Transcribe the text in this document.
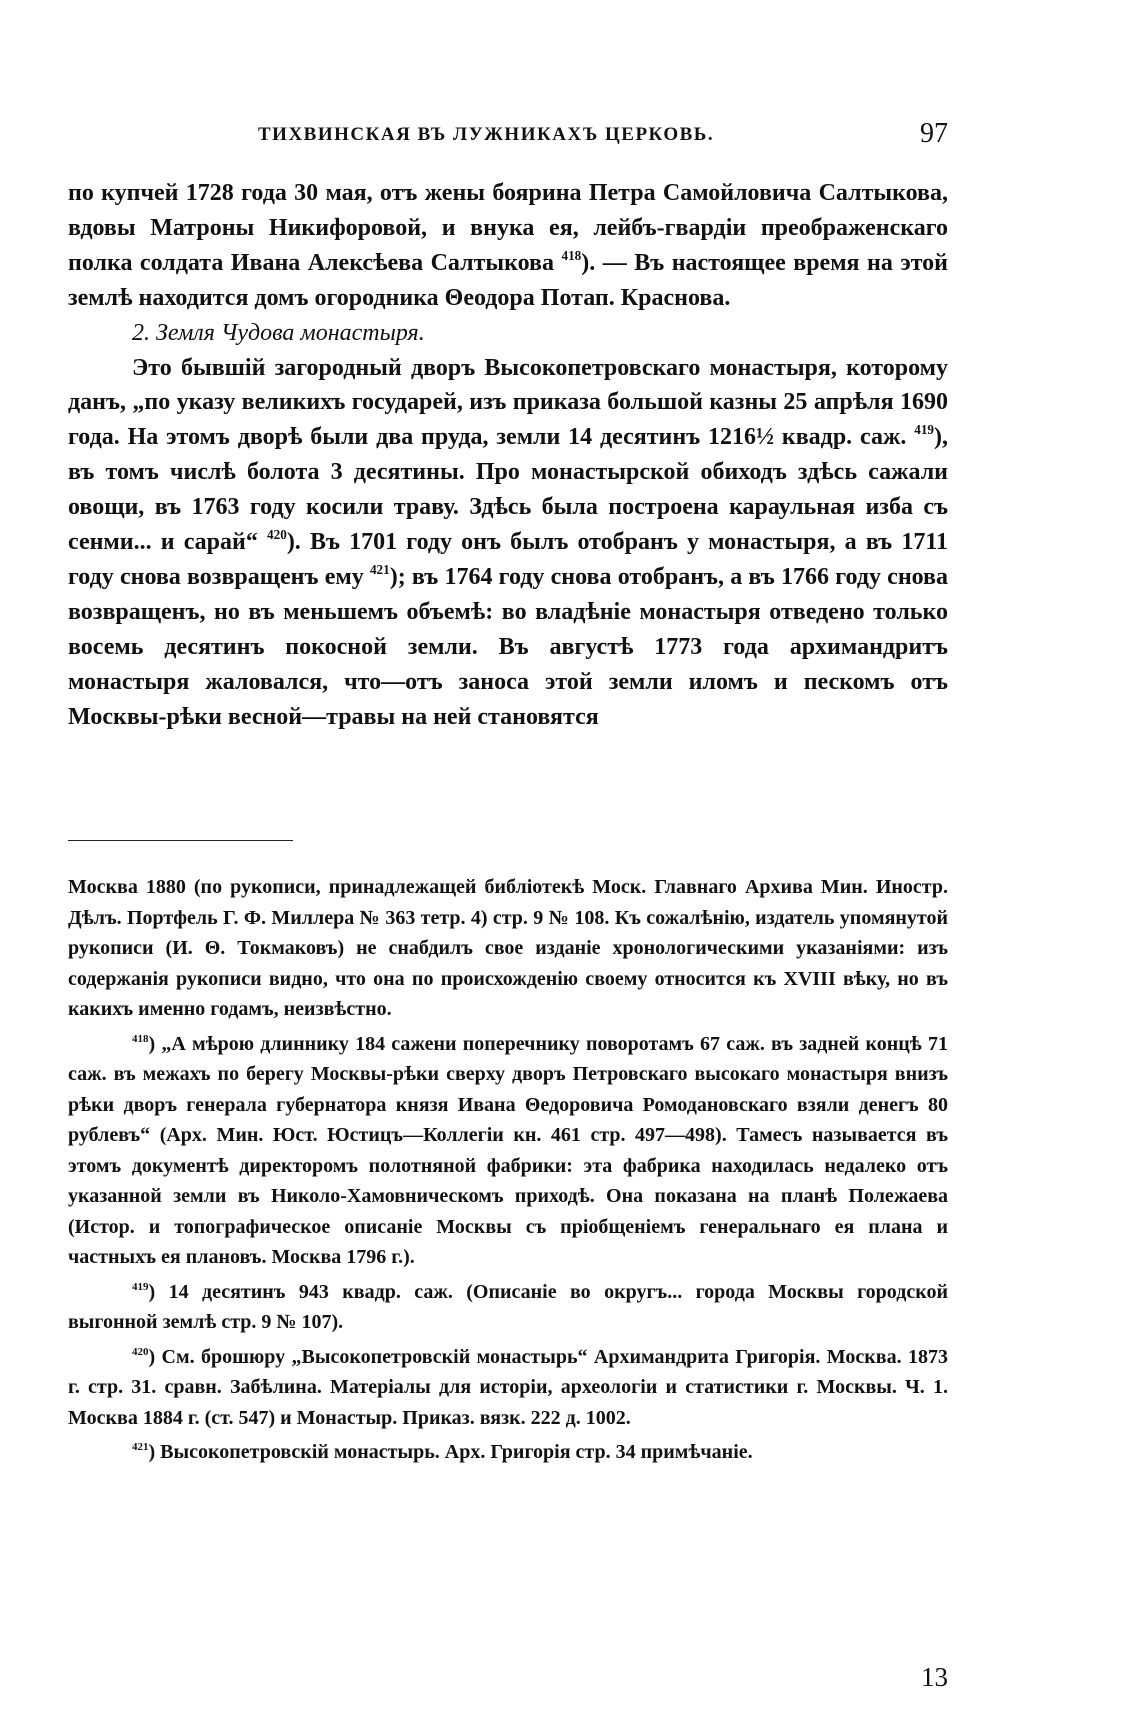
ТИХВИНСКАЯ ВЪ ЛУЖНИКАХЪ ЦЕРКОВЬ.	97

по купчей 1728 года 30 мая, отъ жены боярина Петра Самойловича Салтыкова, вдовы Матроны Никифоровой, и внука ея, лейбъ-гвардiи преображенскаго полка солдата Ивана Алексѣева Салтыкова $^{418}$). — Въ настоящее время на этой землѣ находится домъ огородника Θеодора Потап. Краснова.

2. Земля Чудова монастыря.

Это бывшiй загородный дворъ Высокопетровскаго монастыря, которому данъ, „по указу великихъ государей, изъ приказа большой казны 25 апрѣля 1690 года. На этомъ дворѣ были два пруда, земли 14 десятинъ 1216½ квадр. саж. $^{419}$), въ томъ числѣ болота 3 десятины. Про монастырской обиходъ здѣсь сажали овощи, въ 1763 году косили траву. Здѣсь была построена караульная изба съ сенми... и сарай“ $^{420}$). Въ 1701 году онъ былъ отобранъ у монастыря, а въ 1711 году снова возвращенъ ему $^{421}$); въ 1764 году снова отобранъ, а въ 1766 году снова возвращенъ, но въ меньшемъ объемѣ: во владѣнiе монастыря отведено только восемь десятинъ покосной земли. Въ августѣ 1773 года архимандритъ монастыря жаловался, что—отъ заноса этой земли иломъ и пескомъ отъ Москвы-рѣки весной—травы на ней становятся

Москва 1880 (по рукописи, принадлежащей библiотекѣ Моск. Главнаго Архива Мин. Иностр. Дѣлъ. Портфель Г. Ф. Миллера № 363 тетр. 4) стр. 9 № 108. Къ сожалѣнiю, издатель упомянутой рукописи (И. Θ. Токмаковъ) не снабдилъ свое изданiе хронологическими указанiями: изъ содержанiя рукописи видно, что она по происхожденiю своему относится къ XVIII вѣку, но въ какихъ именно годамъ, неизвѣстно.

$^{418}$) „А мѣрою длиннику 184 сажени поперечнику поворотамъ 67 саж. въ задней концѣ 71 саж. въ межахъ по берегу Москвы-рѣки сверху дворъ Петровскаго высокаго монастыря внизъ рѣки дворъ генерала губернатора князя Ивана Θедоровича Ромодановскаго взяли денегъ 80 рублевъ“ (Арх. Мин. Юст. Юстицъ—Коллегiи кн. 461 стр. 497—498). Тамесъ называется въ этомъ документѣ директоромъ полотняной фабрики: эта фабрика находилась недалеко отъ указанной земли въ Николо-Хамовническомъ приходѣ. Она показана на планѣ Полежаева (Истор. и топографическое описанiе Москвы съ прiобщенiемъ генеральнаго ея плана и частныхъ ея плановъ. Москва 1796 г.).

$^{419}$) 14 десятинъ 943 квадр. саж. (Описанiе во округъ... города Москвы городской выгонной землѣ стр. 9 № 107).

$^{420}$) См. брошюру „Высокопетровскiй монастырь“ Архимандрита Григорiя. Москва. 1873 г. стр. 31. сравн. Забѣлина. Матерiалы для исторiи, археологiи и статистики г. Москвы. Ч. 1. Москва 1884 г. (ст. 547) и Монастыр. Приказ. вязк. 222 д. 1002.

$^{421}$) Высокопетровскiй монастырь. Арх. Григорiя стр. 34 примѣчанiе.

13
